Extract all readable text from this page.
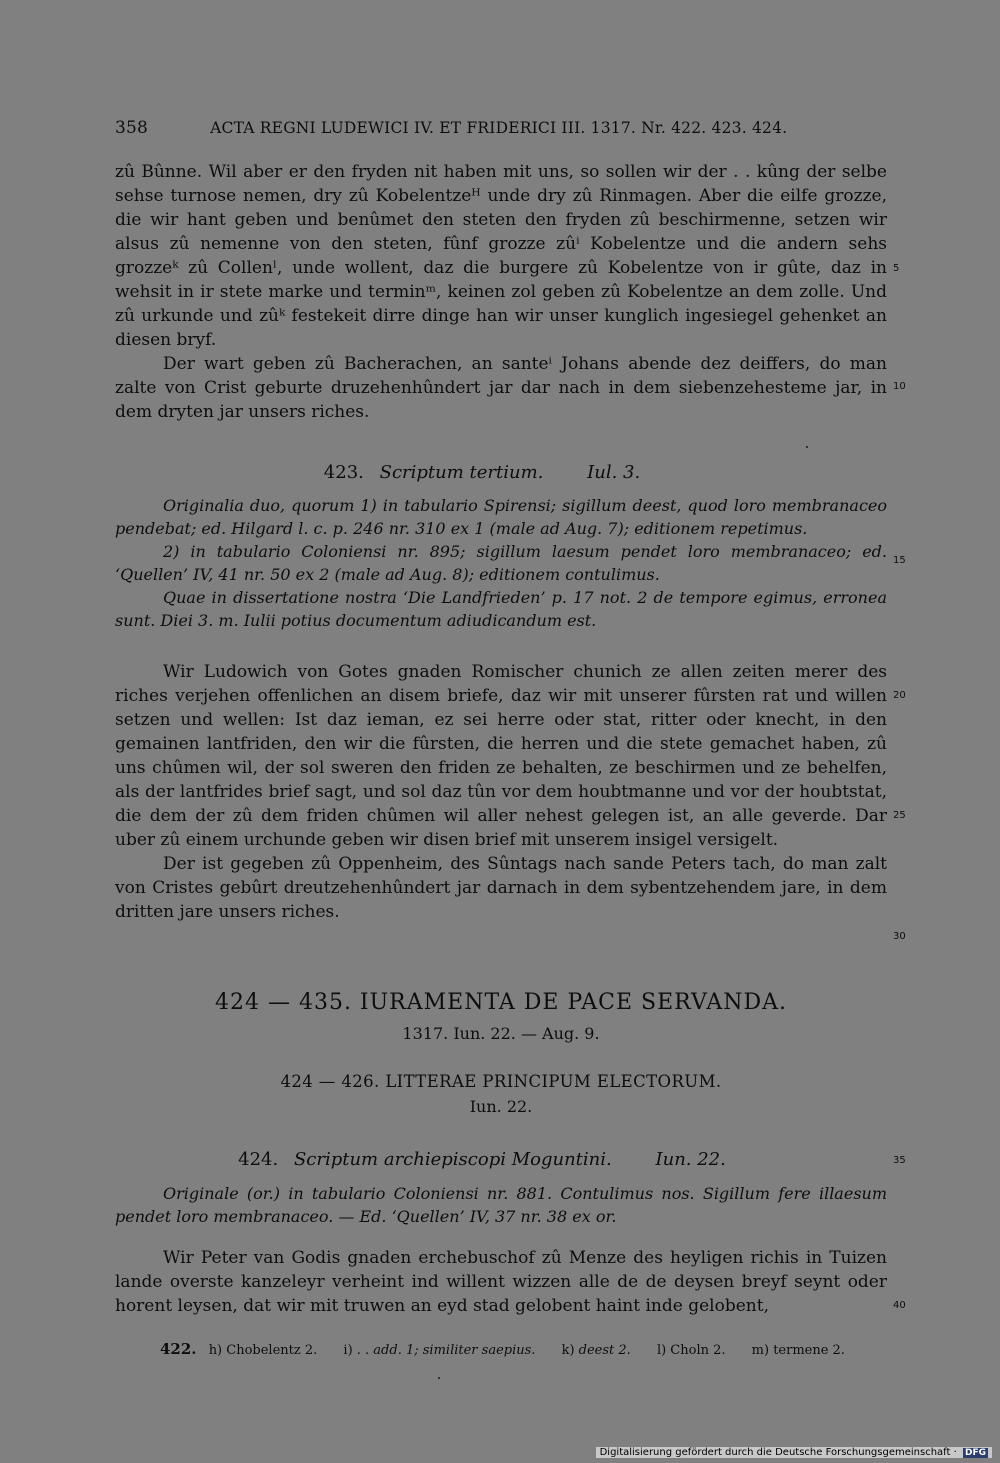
358	ACTA REGNI LUDEWICI IV. ET FRIDERICI III. 1317. Nr. 422. 423. 424.
zû Bûnne. Wil aber er den fryden nit haben mit uns, so sollen wir der . . kûng der selbe sehse turnose nemen, dry zû Kobelentzeᴴ unde dry zû Rinmagen. Aber die eilfe grozze, die wir hant geben und benûmet den steten den fryden zû beschirmenne, setzen wir alsus zû nemenne von den steten, fûnf grozze zûⁱ Kobelentze und die andern sehs grozzeᵏ zû Collenˡ, unde wollent, daz die burgere zû Kobelentze von ir gûte, daz in wehsit in ir stete marke und terminᵐ, keinen zol geben zû Kobelentze an dem zolle. Und zû urkunde und zûᵏ festekeit dirre dinge han wir unser kunglich ingesiegel gehenket an diesen bryf.
Der wart geben zû Bacherachen, an santeⁱ Johans abende dez deiffers, do man zalte von Crist geburte druzehenhûndert jar dar nach in dem siebenzehesteme jar, in dem dryten jar unsers riches.
423. Scriptum tertium. Iul. 3.
Originalia duo, quorum 1) in tabulario Spirensi; sigillum deest, quod loro membranaceo pendebat; ed. Hilgard l. c. p. 246 nr. 310 ex 1 (male ad Aug. 7); editionem repetimus.
2) in tabulario Coloniensi nr. 895; sigillum laesum pendet loro membranaceo; ed. ‘Quellen’ IV, 41 nr. 50 ex 2 (male ad Aug. 8); editionem contulimus.
Quae in dissertatione nostra ‘Die Landfrieden’ p. 17 not. 2 de tempore egimus, erronea sunt. Diei 3. m. Iulii potius documentum adiudicandum est.
Wir Ludowich von Gotes gnaden Romischer chunich ze allen zeiten merer des riches verjehen offenlichen an disem briefe, daz wir mit unserer fûrsten rat und willen setzen und wellen: Ist daz ieman, ez sei herre oder stat, ritter oder knecht, in den gemainen lantfriden, den wir die fûrsten, die herren und die stete gemachet haben, zû uns chûmen wil, der sol sweren den friden ze behalten, ze beschirmen und ze behelfen, als der lantfrides brief sagt, und sol daz tûn vor dem houbtmanne und vor der houbtstat, die dem der zû dem friden chûmen wil aller nehest gelegen ist, an alle geverde. Dar uber zû einem urchunde geben wir disen brief mit unserem insigel versigelt.
Der ist gegeben zû Oppenheim, des Sûntags nach sande Peters tach, do man zalt von Cristes gebûrt dreutzehenhûndert jar darnach in dem sybentzehendem jare, in dem dritten jare unsers riches.
424 — 435. IURAMENTA DE PACE SERVANDA.
1317. Iun. 22. — Aug. 9.
424 — 426. LITTERAE PRINCIPUM ELECTORUM.
Iun. 22.
424. Scriptum archiepiscopi Moguntini. Iun. 22.
Originale (or.) in tabulario Coloniensi nr. 881. Contulimus nos. Sigillum fere illaesum pendet loro membranaceo. — Ed. ‘Quellen’ IV, 37 nr. 38 ex or.
Wir Peter van Godis gnaden erchebuschof zû Menze des heyligen richis in Tuizen lande overste kanzeleyr verheint ind willent wizzen alle de de deysen breyf seynt oder horent leysen, dat wir mit truwen an eyd stad gelobent haint inde gelobent,
5
10
15
20
25
30
35
40
422. h) Chobelentz 2. i) . . add. 1; similiter saepius. k) deest 2. l) Choln 2. m) termene 2.
Digitalisierung gefördert durch die Deutsche Forschungsgemeinschaft · DFG
